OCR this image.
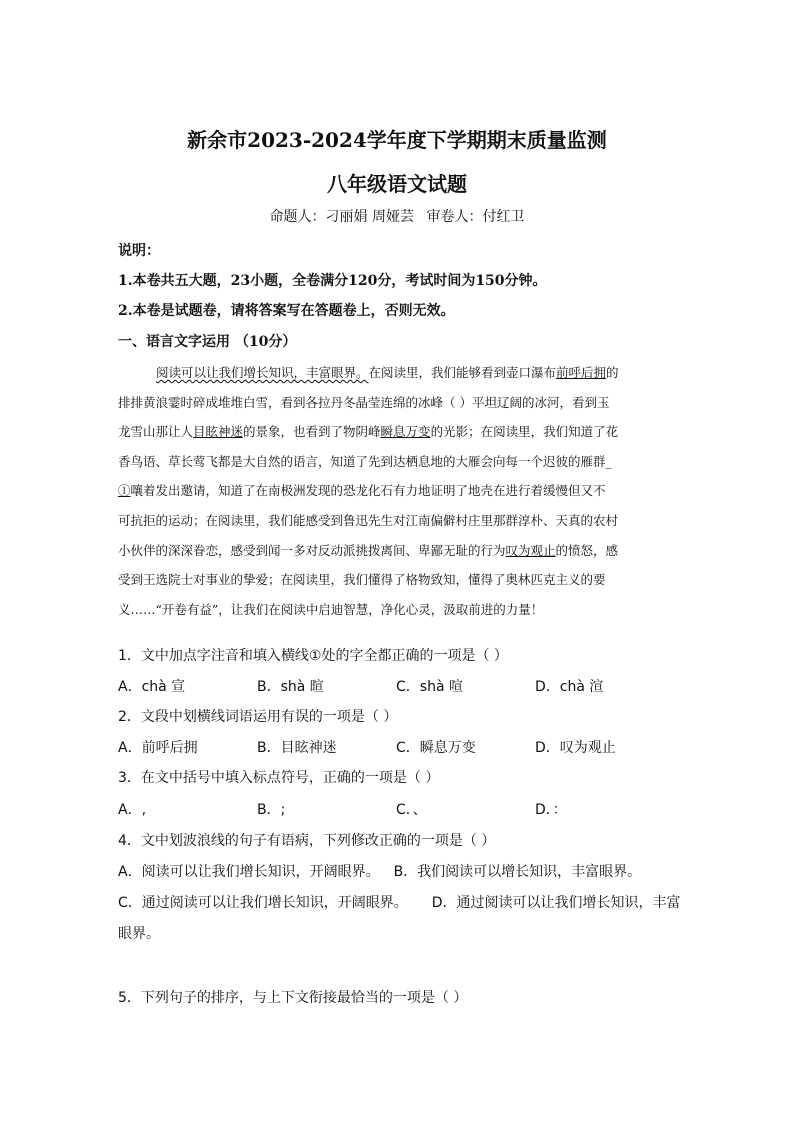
新余市2023-2024学年度下学期期末质量监测
八年级语文试题
命题人：刁丽娟 周娅芸 审卷人：付红卫
说明：
1.本卷共五大题，23小题，全卷满分120分，考试时间为150分钟。
2.本卷是试题卷，请将答案写在答题卷上，否则无效。
一、语言文字运用 （10分）

阅读可以让我们增长知识，丰富眼界。在阅读里，我们能够看到壶口瀑布前呼后拥的

排排黄浪霎时碎成堆堆白雪，看到各拉丹冬晶莹连绵的冰峰（ ）平坦辽阔的冰河，看到玉

龙雪山那让人目眩神迷的景象，也看到了物阴峰瞬息万变的光影；在阅读里，我们知道了花

香鸟语、草长莺飞都是大自然的语言，知道了先到达栖息地的大雁会向每一个迟彼的雁群_

①嚷着发出邀请，知道了在南极洲发现的恐龙化石有力地证明了地壳在进行着缓慢但又不

可抗拒的运动；在阅读里，我们能感受到鲁迅先生对江南偏僻村庄里那群淳朴、天真的农村

小伙伴的深深眷恋，感受到闻一多对反动派挑拨离间、卑鄙无耻的行为叹为观止的愤怒，感

受到王选院士对事业的挚爱；在阅读里，我们懂得了格物致知，懂得了奥林匹克主义的要

义……“开卷有益”，让我们在阅读中启迪智慧，净化心灵，汲取前进的力量！

1．文中加点字注音和填入横线①处的字全都正确的一项是（ ）
A．chà 宣	B．shà 暄	C．shà 喧	D．chà 渲
2．文段中划横线词语运用有误的一项是（ ）
A．前呼后拥	B．目眩神迷	C．瞬息万变	D．叹为观止
3．在文中括号中填入标点符号，正确的一项是（ ）
A．,	B．;	C．、	D．：
4．文中划波浪线的句子有语病，下列修改正确的一项是（ ）
A．阅读可以让我们增长知识，开阔眼界。 B．我们阅读可以增长知识，丰富眼界。
C．通过阅读可以让我们增长知识，开阔眼界。 D．通过阅读可以让我们增长知识，丰富
眼界。
5．下列句子的排序，与上下文衔接最恰当的一项是（ ）
